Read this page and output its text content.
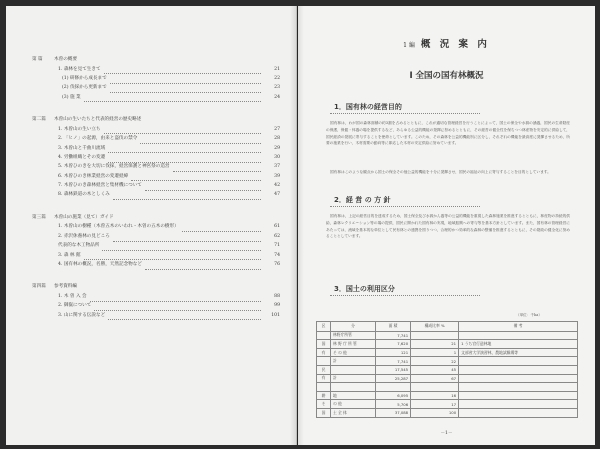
第 篇	木曽の概要
1. 森林を見て生きて	21
(1) 研修から成長まで	22
(2) 伐採から更新まで	23
(3) 施 業	24
第二篇	木曽山の生いたちと代表的経営の歴史略述
1. 木曽山の生い立ち	27
2. 「ヒノ」の起源，由来と盗伐の禁令	28
3. 木曽山と千曲川流域	29
4. 労働組織とその変遷	30
5. 木曽ひのきを大切に伐採，経営保護と神宮祭の造営	37
6. 木曽ひのき林業経営の変遷経緯	39
7. 木曽ひのき森林経営と集材機について	42
8. 森林鉄道の木としくみ	47
第三篇	木曽山の施業（見て）ガイド
1. 木曽山の樹種（木曽五木のいわれ・木曽の五木の樹形）	61
2. 赤沢休養林の見どころ	62
代表的な木工物品所	71
3. 森 林 館	74
4. 国有林の概況，名勝，天然記念物など	76
第四篇	参考資料編
1. 木 曽 入 会	88
2. 御嶽について	99
3. 山に関する伝説など	101
1 編 概 況 案 内
Ⅰ 全国の国有林概況
1．国有林の経営目的
国有林は，わが国の森林面積の約3割を占めるとともに，これが適切な管理経営を行うことによって，国土の保全や水源の涵養，国民の生命財産の保護，保健・休養の場を提供するなど，あらゆる公益的機能の発揮に努めるとともに，その経営の健全性を保ちつつ林産物を安定的に供給して，国民経済の発展に寄与することを使命としています。このため，その森林を公益的機能別に区分し，それぞれの機能を最高度に発揮させるため，所要の施業を行い，木材需要の動向等に即応した木材の安定供給に努めています。
国有林はこのような観点から国土の保全その他公益的機能を十分に発揮させ，国民の福祉の向上に寄与することを目的としています。
2．経 営 の 方 針
国有林は，上記の経営目的を達成するため，国土保全及び水源かん養等の公益的機能を重視した森林施業を推進するとともに，林産物の持続的供給，森林レクリエーション等の場の提供，国民に開かれた国有林の実現，地域振興への寄与等を基本方針としています。また，国有林の管理経営にあたっては，流域を基本的な単位として民有林との連携を図りつつ，合理的かつ効率的な森林の整備を推進するとともに，その財政の健全化に努めることとしています。
3．国土の利用区分
（単位：千ha）
区	分	面 積	構成比率 %	備 考
	林野庁所管	7,741		
国	林 野 庁 所 管	7,620	21	1 うち官行造林地
有	そ の 他	121	1	文部省大学演習林，農地試験場等
	計	7,741	22	
民		17,545	45	
有	計	25,287	67	

耕	地	6,095	16	
そ	の 他	5,706	17	
国	土 全 体	37,088	100	
－1－
